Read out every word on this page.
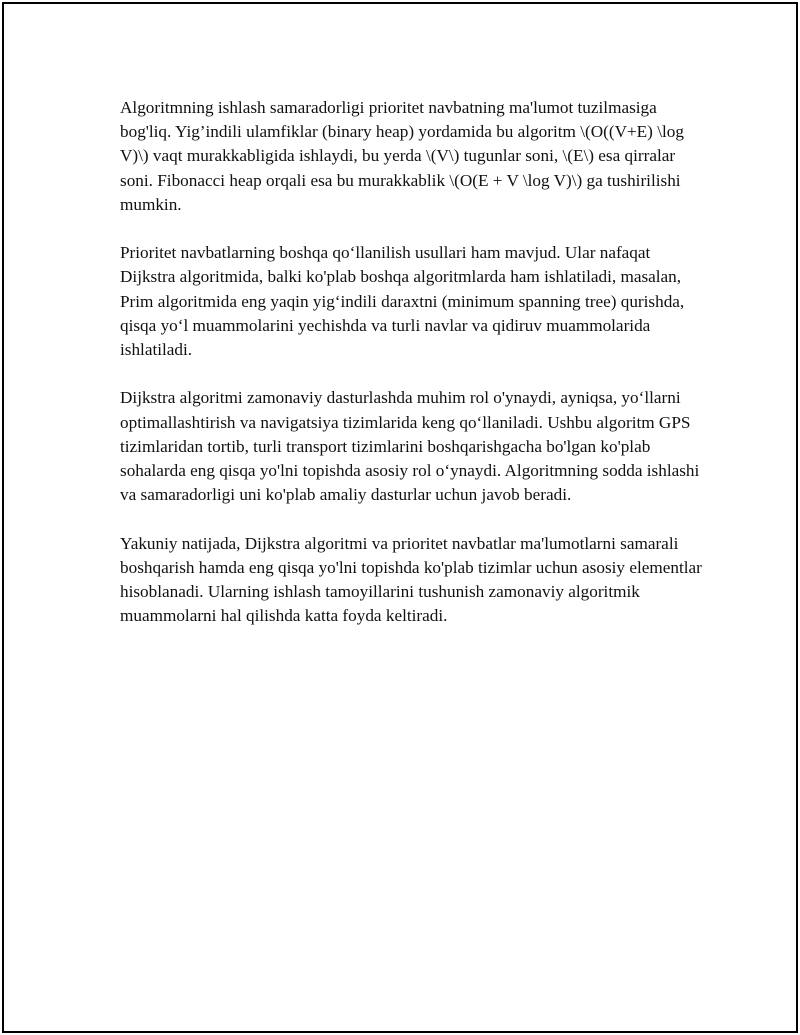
Algoritmning ishlash samaradorligi prioritet navbatning ma'lumot tuzilmasiga bog'liq. Yig’indili ulamfiklar (binary heap) yordamida bu algoritm \(O((V+E) \log V)\) vaqt murakkabligida ishlaydi, bu yerda \(V\) tugunlar soni, \(E\) esa qirralar soni. Fibonacci heap orqali esa bu murakkablik \(O(E + V \log V)\) ga tushirilishi mumkin.

Prioritet navbatlarning boshqa qo‘llanilish usullari ham mavjud. Ular nafaqat Dijkstra algoritmida, balki ko'plab boshqa algoritmlarda ham ishlatiladi, masalan, Prim algoritmida eng yaqin yig‘indili daraxtni (minimum spanning tree) qurishda, qisqa yo‘l muammolarini yechishda va turli navlar va qidiruv muammolarida ishlatiladi.

Dijkstra algoritmi zamonaviy dasturlashda muhim rol o'ynaydi, ayniqsa, yo‘llarni optimallashtirish va navigatsiya tizimlarida keng qo‘llaniladi. Ushbu algoritm GPS tizimlaridan tortib, turli transport tizimlarini boshqarishgacha bo'lgan ko'plab sohalarda eng qisqa yo'lni topishda asosiy rol o‘ynaydi. Algoritmning sodda ishlashi va samaradorligi uni ko'plab amaliy dasturlar uchun javob beradi.

Yakuniy natijada, Dijkstra algoritmi va prioritet navbatlar ma'lumotlarni samarali boshqarish hamda eng qisqa yo'lni topishda ko'plab tizimlar uchun asosiy elementlar hisoblanadi. Ularning ishlash tamoyillarini tushunish zamonaviy algoritmik muammolarni hal qilishda katta foyda keltiradi.
